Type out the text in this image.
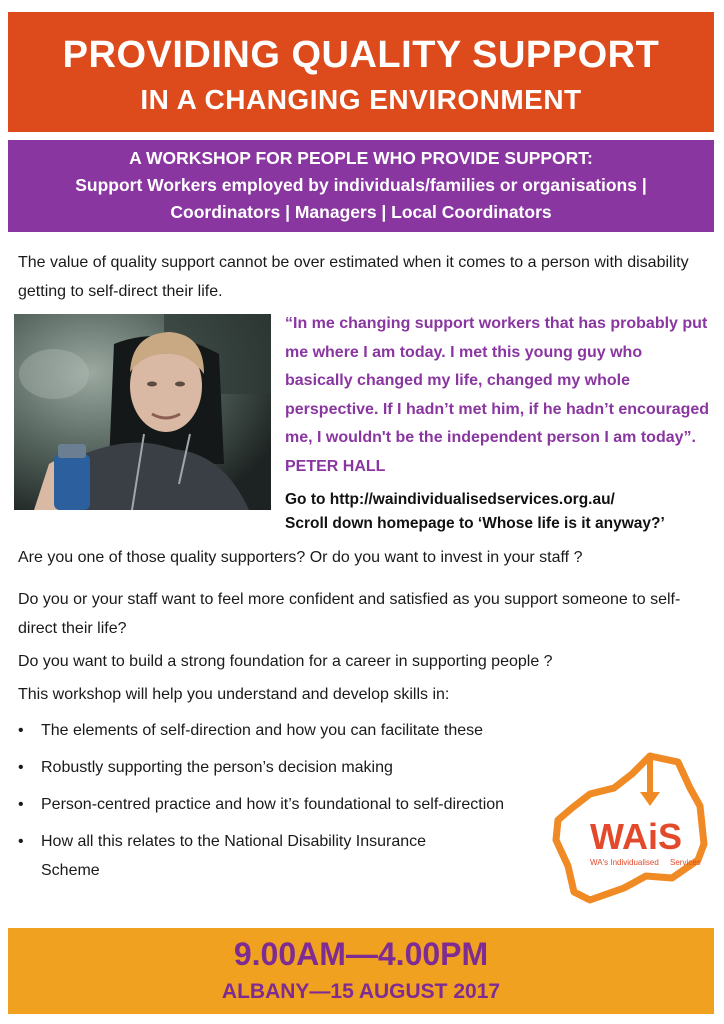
PROVIDING QUALITY SUPPORT
IN A CHANGING ENVIRONMENT
A WORKSHOP FOR PEOPLE WHO PROVIDE SUPPORT:
Support Workers employed by individuals/families or organisations |
Coordinators | Managers | Local Coordinators
The value of quality support cannot be over estimated when it comes to a person with disability getting to self-direct their life.
“In me changing support workers that has probably put me where I am today. I met this young guy who basically changed my life, changed my whole perspective. If I hadn’t met him, if he hadn’t encouraged me, I wouldn't be the independent person I am today”. PETER HALL
Go to http://waindividualisedservices.org.au/
Scroll down homepage to ‘Whose life is it anyway?’
Are you one of those quality supporters? Or do you want to invest in your staff ?
Do you or your staff want to feel more confident and satisfied as you support someone to self-direct their life?
Do you want to build a strong foundation for a career in supporting people ?
This workshop will help you understand and develop skills in:
• The elements of self-direction and how you can facilitate these
• Robustly supporting the person’s decision making
• Person-centred practice and how it’s foundational to self-direction
• How all this relates to the National Disability Insurance Scheme
WAiS
WA's Individualised Services
9.00AM—4.00PM
ALBANY—15 AUGUST 2017
